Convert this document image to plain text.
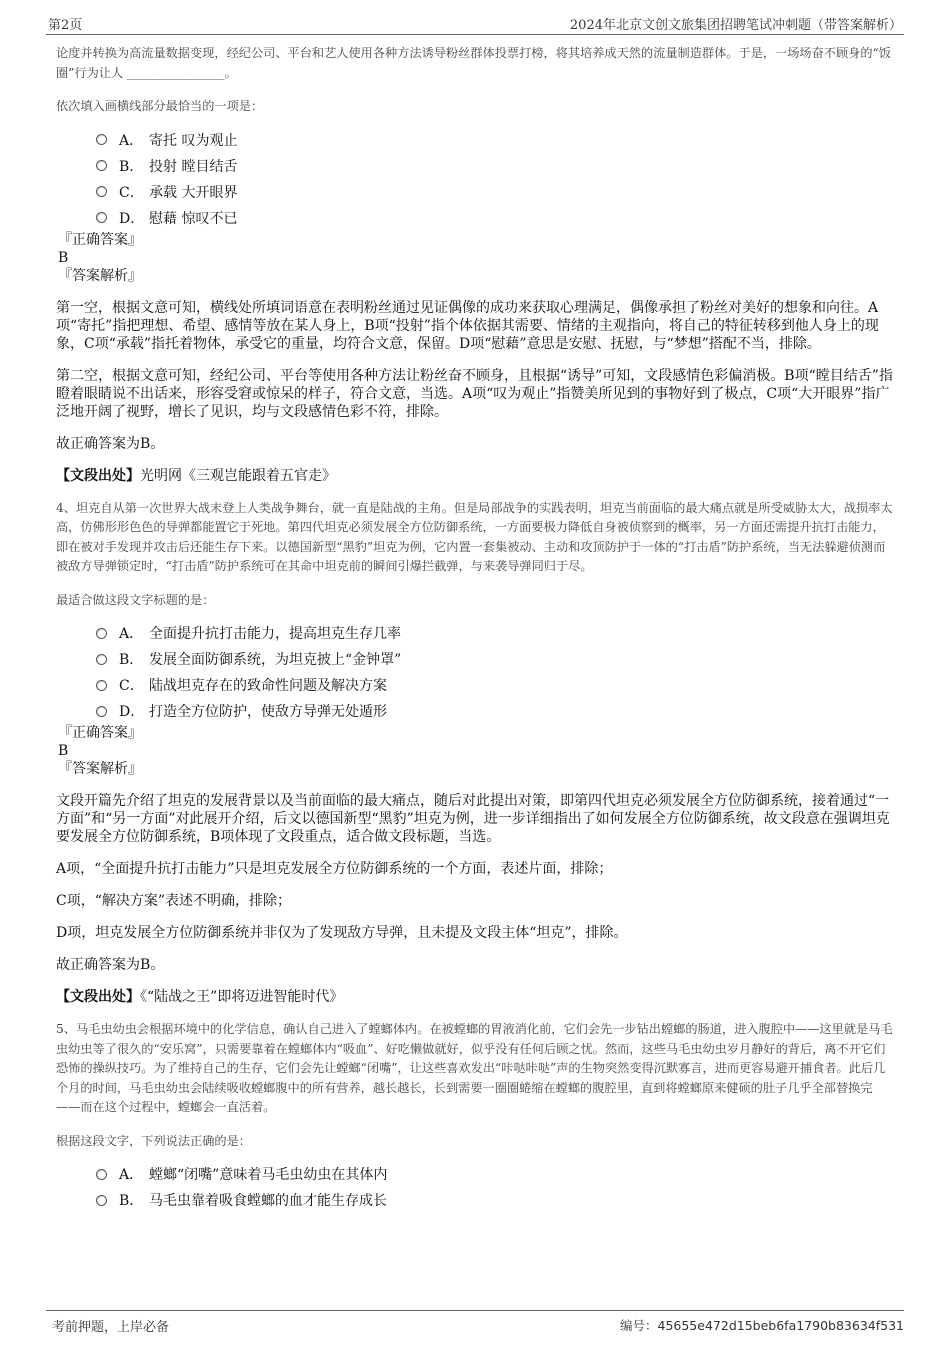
第2页	2024年北京文创文旅集团招聘笔试冲刺题（带答案解析）

论度并转换为高流量数据变现，经纪公司、平台和艺人使用各种方法诱导粉丝群体投票打榜，将其培养成天然的流量制造群体。于是，一场场奋不顾身的“饭圈”行为让人 ________________。

依次填入画横线部分最恰当的一项是：

A． 寄托 叹为观止
B． 投射 瞠目结舌
C． 承载 大开眼界
D． 慰藉 惊叹不已

『正确答案』

B

『答案解析』

第一空，根据文意可知，横线处所填词语意在表明粉丝通过见证偶像的成功来获取心理满足，偶像承担了粉丝对美好的想象和向往。A项“寄托”指把理想、希望、感情等放在某人身上，B项“投射”指个体依据其需要、情绪的主观指向，将自己的特征转移到他人身上的现象，C项“承载”指托着物体，承受它的重量，均符合文意，保留。D项“慰藉”意思是安慰、抚慰，与“梦想”搭配不当，排除。

第二空，根据文意可知，经纪公司、平台等使用各种方法让粉丝奋不顾身，且根据“诱导”可知，文段感情色彩偏消极。B项“瞠目结舌”指瞪着眼睛说不出话来，形容受窘或惊呆的样子，符合文意，当选。A项“叹为观止”指赞美所见到的事物好到了极点，C项“大开眼界”指广泛地开阔了视野，增长了见识，均与文段感情色彩不符，排除。

故正确答案为B。

【文段出处】光明网《三观岂能跟着五官走》

4、坦克自从第一次世界大战末登上人类战争舞台，就一直是陆战的主角。但是局部战争的实践表明，坦克当前面临的最大痛点就是所受威胁太大，战损率太高，仿佛形形色色的导弹都能置它于死地。第四代坦克必须发展全方位防御系统，一方面要极力降低自身被侦察到的概率，另一方面还需提升抗打击能力，即在被对手发现并攻击后还能生存下来。以德国新型“黑豹”坦克为例，它内置一套集被动、主动和攻顶防护于一体的“打击盾”防护系统，当无法躲避侦测而被敌方导弹锁定时，“打击盾”防护系统可在其命中坦克前的瞬间引爆拦截弹，与来袭导弹同归于尽。

最适合做这段文字标题的是：

A． 全面提升抗打击能力，提高坦克生存几率
B． 发展全面防御系统，为坦克披上“金钟罩”
C． 陆战坦克存在的致命性问题及解决方案
D． 打造全方位防护，使敌方导弹无处遁形

『正确答案』

B

『答案解析』

文段开篇先介绍了坦克的发展背景以及当前面临的最大痛点，随后对此提出对策，即第四代坦克必须发展全方位防御系统，接着通过“一方面”和“另一方面”对此展开介绍，后文以德国新型“黑豹”坦克为例，进一步详细指出了如何发展全方位防御系统，故文段意在强调坦克要发展全方位防御系统，B项体现了文段重点，适合做文段标题，当选。

A项，“全面提升抗打击能力”只是坦克发展全方位防御系统的一个方面，表述片面，排除；

C项，“解决方案”表述不明确，排除；

D项，坦克发展全方位防御系统并非仅为了发现敌方导弹，且未提及文段主体“坦克”，排除。

故正确答案为B。

【文段出处】《“陆战之王”即将迈进智能时代》

5、马毛虫幼虫会根据环境中的化学信息，确认自己进入了螳螂体内。在被螳螂的胃液消化前，它们会先一步钻出螳螂的肠道，进入腹腔中——这里就是马毛虫幼虫等了很久的“安乐窝”，只需要靠着在螳螂体内“吸血”、好吃懒做就好，似乎没有任何后顾之忧。然而，这些马毛虫幼虫岁月静好的背后，离不开它们恐怖的操纵技巧。为了维持自己的生存，它们会先让螳螂“闭嘴”，让这些喜欢发出“咔哒咔哒”声的生物突然变得沉默寡言，进而更容易避开捕食者。此后几个月的时间，马毛虫幼虫会陆续吸收螳螂腹中的所有营养，越长越长，长到需要一圈圈蜷缩在螳螂的腹腔里，直到将螳螂原来健硕的肚子几乎全部替换完——而在这个过程中，螳螂会一直活着。

根据这段文字，下列说法正确的是：

A． 螳螂“闭嘴”意味着马毛虫幼虫在其体内
B． 马毛虫靠着吸食螳螂的血才能生存成长
考前押题，上岸必备	编号：45655e472d15beb6fa1790b83634f531
